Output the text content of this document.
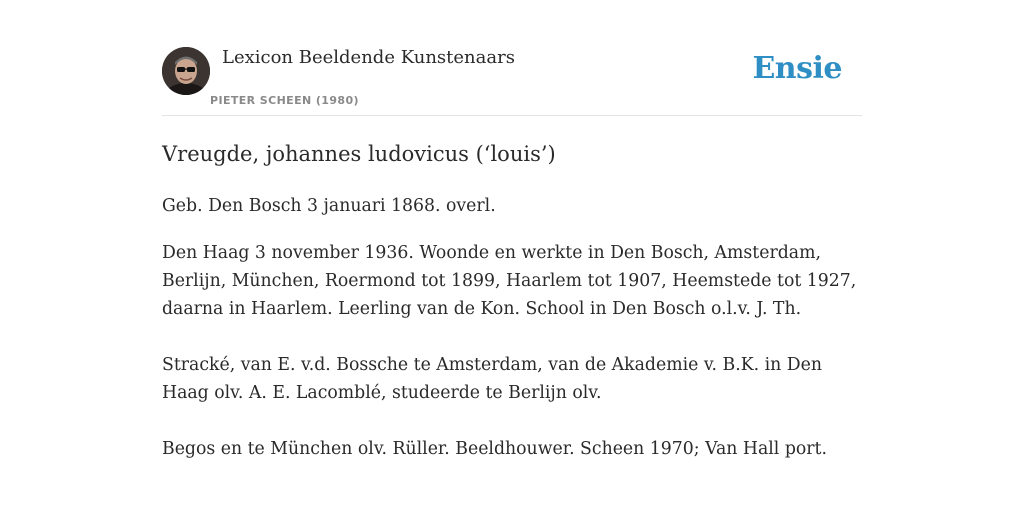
Lexicon Beeldende Kunstenaars
PIETER SCHEEN (1980)
Ensie
Vreugde, johannes ludovicus (‘louis’)

Geb. Den Bosch 3 januari 1868. overl.

Den Haag 3 november 1936. Woonde en werkte in Den Bosch, Amsterdam, Berlijn, München, Roermond tot 1899, Haarlem tot 1907, Heemstede tot 1927, daarna in Haarlem. Leerling van de Kon. School in Den Bosch o.l.v. J. Th.

Stracké, van E. v.d. Bossche te Amsterdam, van de Akademie v. B.K. in Den Haag olv. A. E. Lacomblé, studeerde te Berlijn olv.

Begos en te München olv. Rüller. Beeldhouwer. Scheen 1970; Van Hall port.
